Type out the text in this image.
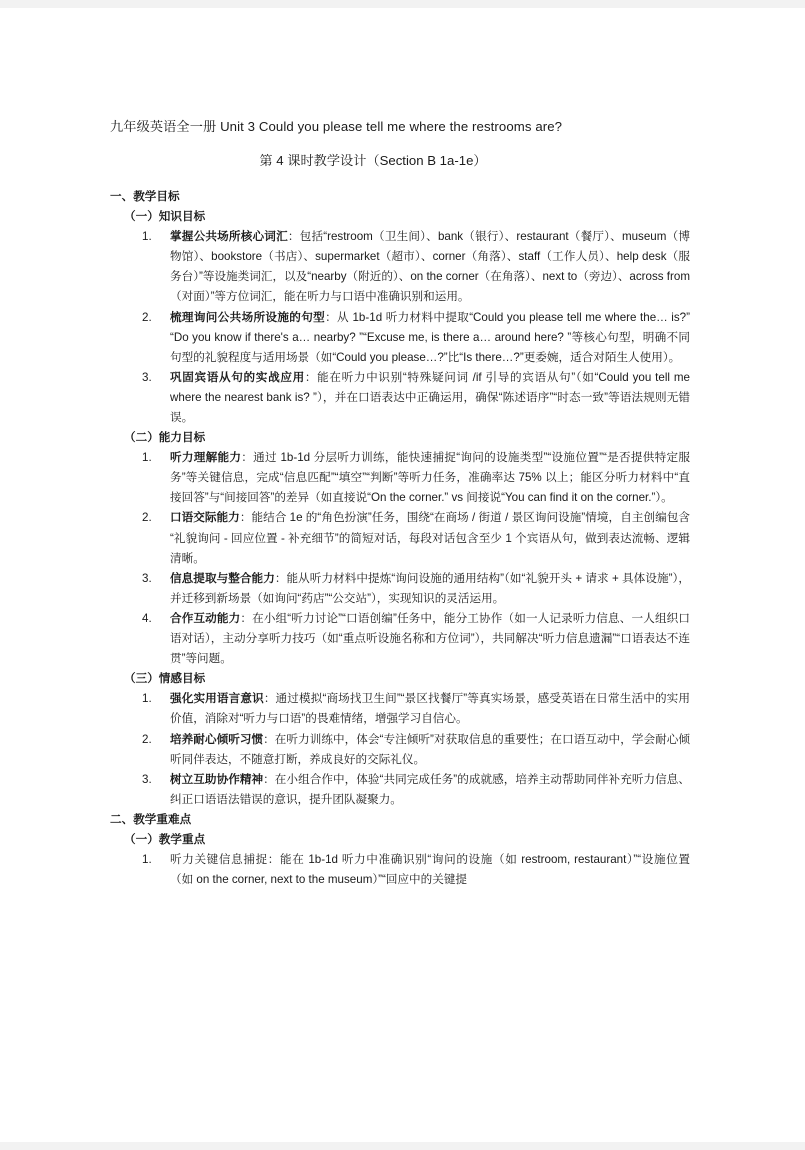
九年级英语全一册 Unit 3 Could you please tell me where the restrooms are?
第 4 课时教学设计（Section B 1a-1e）
一、教学目标
（一）知识目标
1.	掌握公共场所核心词汇：包括“restroom（卫生间）、bank（银行）、restaurant（餐厅）、museum（博物馆）、bookstore（书店）、supermarket（超市）、corner（角落）、staff（工作人员）、help desk（服务台）”等设施类词汇，以及“nearby（附近的）、on the corner（在角落）、next to（旁边）、across from（对面）”等方位词汇，能在听力与口语中准确识别和运用。
2.	梳理询问公共场所设施的句型：从 1b-1d 听力材料中提取“Could you please tell me where the… is?”“Do you know if there's a… nearby? ”“Excuse me, is there a… around here? ”等核心句型，明确不同句型的礼貌程度与适用场景（如“Could you please…?”比“Is there…?”更委婉，适合对陌生人使用）。
3.	巩固宾语从句的实战应用：能在听力中识别“特殊疑问词 /if 引导的宾语从句”（如“Could you tell me where the nearest bank is? ”），并在口语表达中正确运用，确保“陈述语序”“时态一致”等语法规则无错误。
（二）能力目标
1.	听力理解能力：通过 1b-1d 分层听力训练，能快速捕捉“询问的设施类型”“设施位置”“是否提供特定服务”等关键信息，完成“信息匹配”“填空”“判断”等听力任务，准确率达 75% 以上；能区分听力材料中“直接回答”与“间接回答”的差异（如直接说“On the corner.” vs 间接说“You can find it on the corner.”）。
2.	口语交际能力：能结合 1e 的“角色扮演”任务，围绕“在商场 / 街道 / 景区询问设施”情境，自主创编包含“礼貌询问 - 回应位置 - 补充细节”的简短对话，每段对话包含至少 1 个宾语从句，做到表达流畅、逻辑清晰。
3.	信息提取与整合能力：能从听力材料中提炼“询问设施的通用结构”（如“礼貌开头 + 请求 + 具体设施”），并迁移到新场景（如询问“药店”“公交站”），实现知识的灵活运用。
4.	合作互动能力：在小组“听力讨论”“口语创编”任务中，能分工协作（如一人记录听力信息、一人组织口语对话），主动分享听力技巧（如“重点听设施名称和方位词”），共同解决“听力信息遗漏”“口语表达不连贯”等问题。
（三）情感目标
1.	强化实用语言意识：通过模拟“商场找卫生间”“景区找餐厅”等真实场景，感受英语在日常生活中的实用价值，消除对“听力与口语”的畏难情绪，增强学习自信心。
2.	培养耐心倾听习惯：在听力训练中，体会“专注倾听”对获取信息的重要性；在口语互动中，学会耐心倾听同伴表达，不随意打断，养成良好的交际礼仪。
3.	树立互助协作精神：在小组合作中，体验“共同完成任务”的成就感，培养主动帮助同伴补充听力信息、纠正口语语法错误的意识，提升团队凝聚力。
二、教学重难点
（一）教学重点
1.	听力关键信息捕捉：能在 1b-1d 听力中准确识别“询问的设施（如 restroom, restaurant）”“设施位置（如 on the corner, next to the museum）”“回应中的关键提
